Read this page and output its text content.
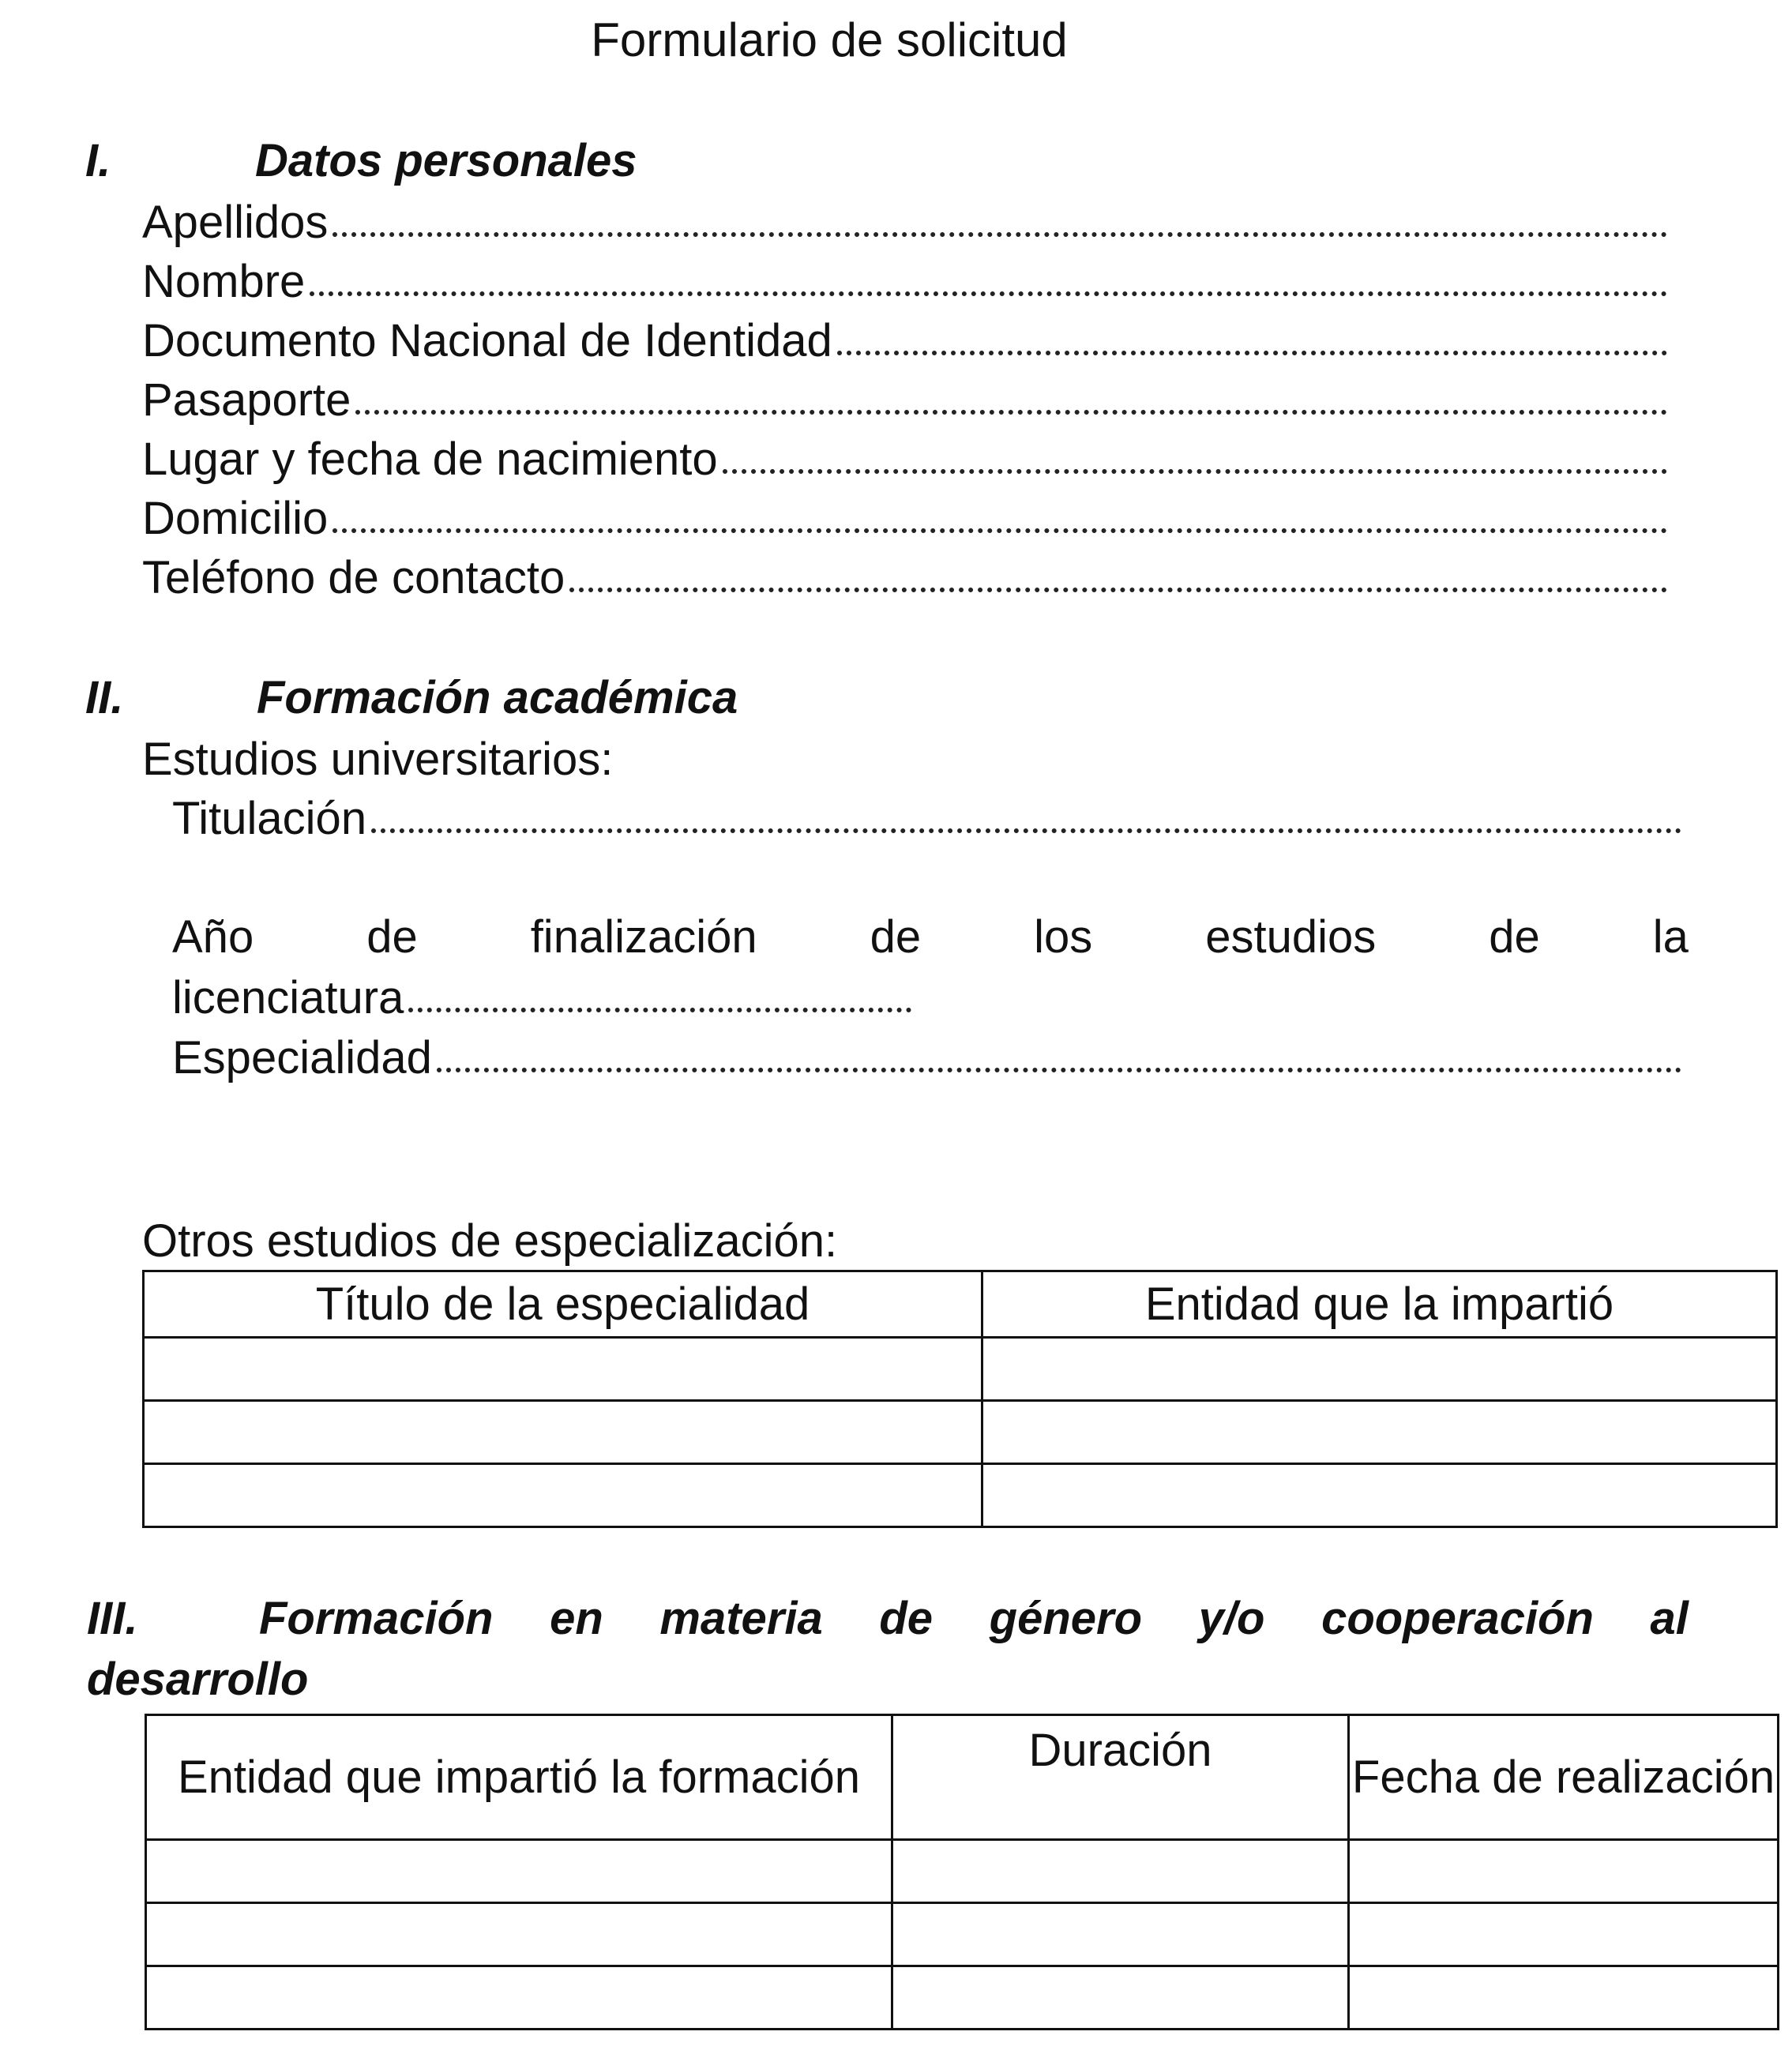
Formulario de solicitud
I.	Datos personales
Apellidos
Nombre
Documento Nacional de Identidad
Pasaporte
Lugar y fecha de nacimiento
Domicilio
Teléfono de contacto
II.	Formación académica
Estudios universitarios:
Titulación
Año de finalización de los estudios de la
licenciatura
Especialidad
Otros estudios de especialización:
Título de la especialidad	Entidad que la impartió

III.	Formación en materia de género y/o cooperación al
desarrollo
Entidad que impartió la formación	Duración	Fecha de realización
